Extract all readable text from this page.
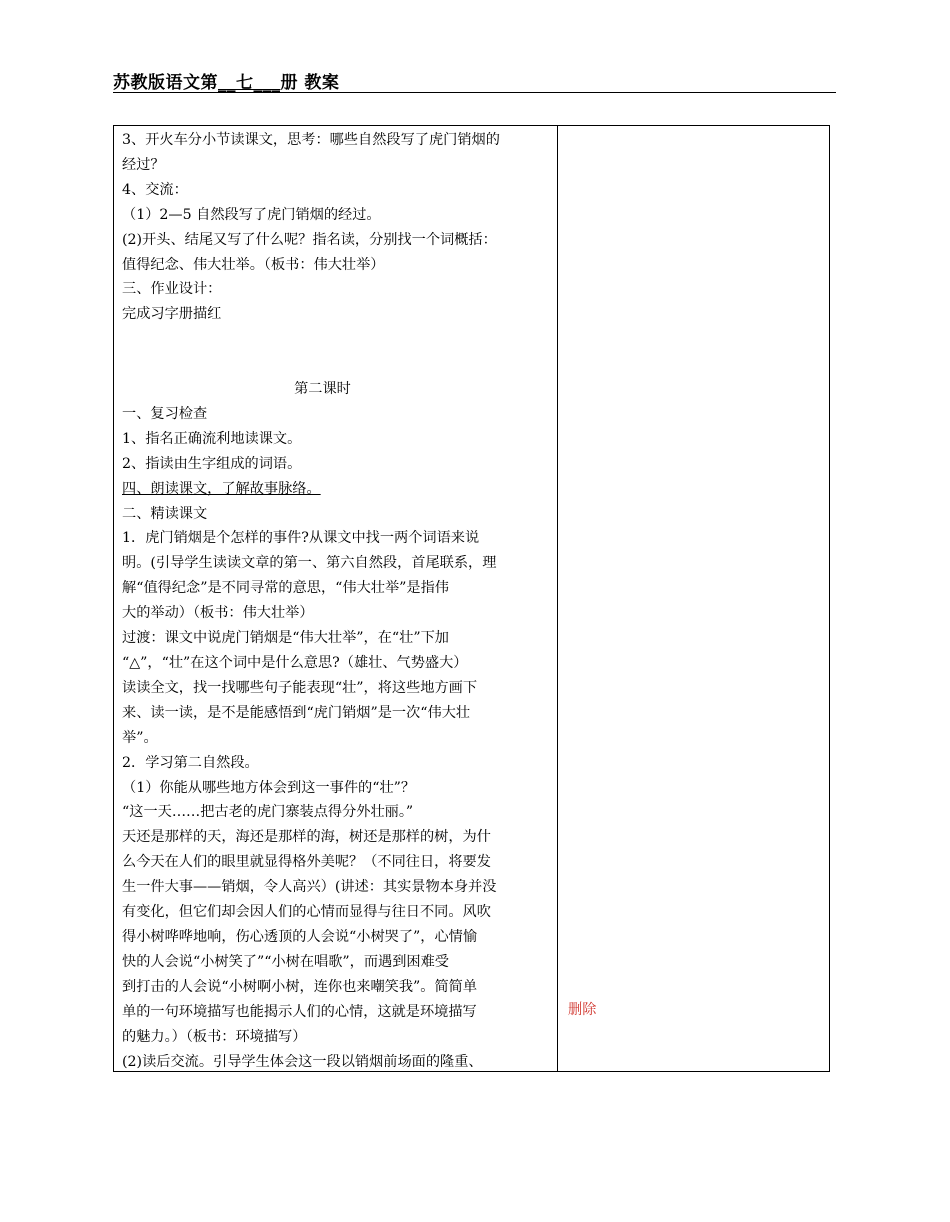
苏教版语文第__七___册 教案
3、开火车分小节读课文，思考：哪些自然段写了虎门销烟的
经过？
4、交流：
（1）2—5 自然段写了虎门销烟的经过。
(2)开头、结尾又写了什么呢？指名读，分别找一个词概括：
值得纪念、伟大壮举。（板书：伟大壮举）
三、作业设计：
完成习字册描红
第二课时
一、复习检查
1、指名正确流利地读课文。
2、指读由生字组成的词语。
四、朗读课文，了解故事脉络。
二、精读课文
1．虎门销烟是个怎样的事件?从课文中找一两个词语来说
明。(引导学生读读文章的第一、第六自然段，首尾联系，理
解“值得纪念”是不同寻常的意思，“伟大壮举”是指伟
大的举动）（板书：伟大壮举）
过渡：课文中说虎门销烟是“伟大壮举”，在“壮”下加
“△”，“壮”在这个词中是什么意思?（雄壮、气势盛大）
读读全文，找一找哪些句子能表现“壮”，将这些地方画下
来、读一读，是不是能感悟到“虎门销烟”是一次“伟大壮
举”。
2．学习第二自然段。
（1）你能从哪些地方体会到这一事件的“壮”？
“这一天……把古老的虎门寨装点得分外壮丽。”
天还是那样的天，海还是那样的海，树还是那样的树，为什
么今天在人们的眼里就显得格外美呢？（不同往日，将要发
生一件大事——销烟，令人高兴）(讲述：其实景物本身并没
有变化，但它们却会因人们的心情而显得与往日不同。风吹
得小树哗哗地响，伤心透顶的人会说“小树哭了”，心情愉
快的人会说“小树笑了”“小树在唱歌”，而遇到困难受
到打击的人会说“小树啊小树，连你也来嘲笑我”。简简单
单的一句环境描写也能揭示人们的心情，这就是环境描写
的魅力。）（板书：环境描写）
(2)读后交流。引导学生体会这一段以销烟前场面的隆重、
删除
